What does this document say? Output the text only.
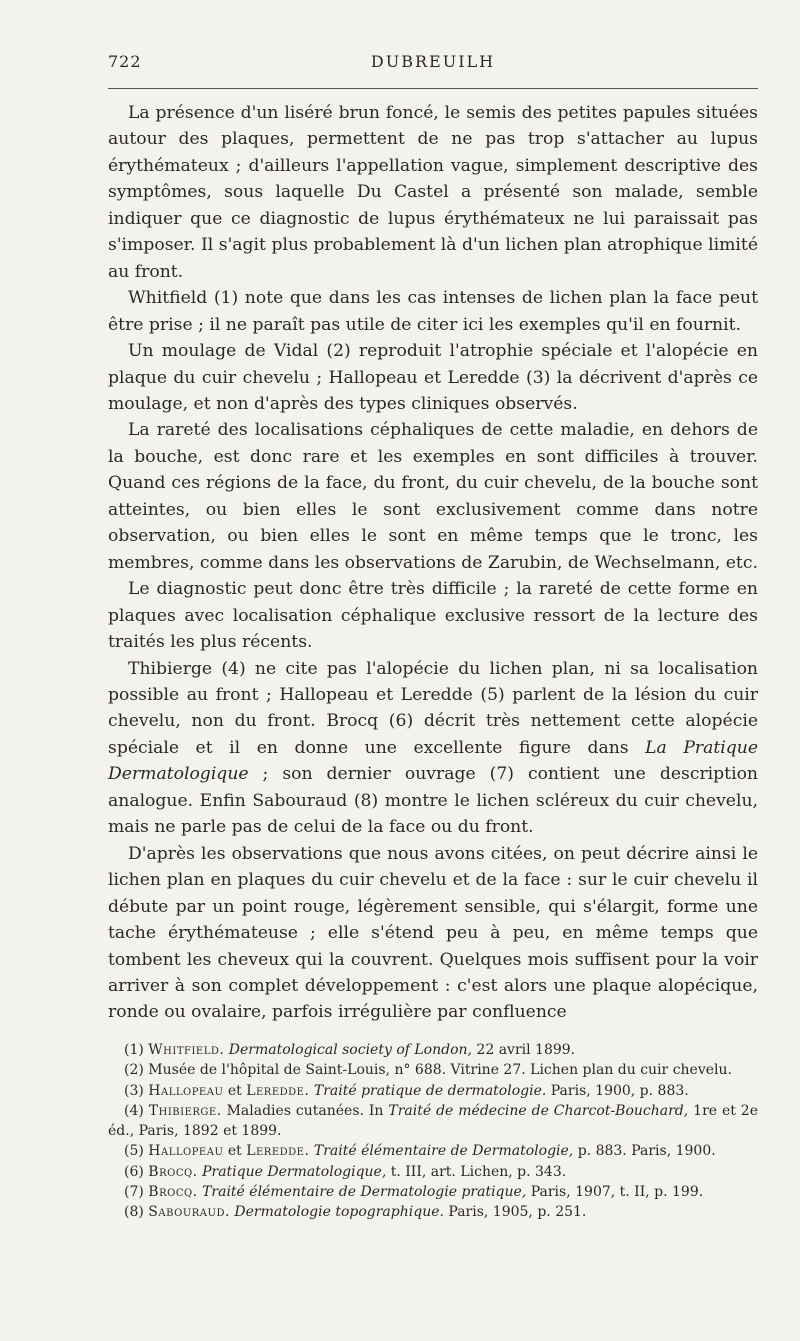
722	DUBREUILH

La présence d'un liséré brun foncé, le semis des petites papules situées autour des plaques, permettent de ne pas trop s'attacher au lupus érythémateux ; d'ailleurs l'appellation vague, simplement descriptive des symptômes, sous laquelle Du Castel a présenté son malade, semble indiquer que ce diagnostic de lupus érythémateux ne lui paraissait pas s'imposer. Il s'agit plus probablement là d'un lichen plan atrophique limité au front.

Whitfield (1) note que dans les cas intenses de lichen plan la face peut être prise ; il ne paraît pas utile de citer ici les exemples qu'il en fournit.

Un moulage de Vidal (2) reproduit l'atrophie spéciale et l'alopécie en plaque du cuir chevelu ; Hallopeau et Leredde (3) la décrivent d'après ce moulage, et non d'après des types cliniques observés.

La rareté des localisations céphaliques de cette maladie, en dehors de la bouche, est donc rare et les exemples en sont difficiles à trouver. Quand ces régions de la face, du front, du cuir chevelu, de la bouche sont atteintes, ou bien elles le sont exclusivement comme dans notre observation, ou bien elles le sont en même temps que le tronc, les membres, comme dans les observations de Zarubin, de Wechselmann, etc.

Le diagnostic peut donc être très difficile ; la rareté de cette forme en plaques avec localisation céphalique exclusive ressort de la lecture des traités les plus récents.

Thibierge (4) ne cite pas l'alopécie du lichen plan, ni sa localisation possible au front ; Hallopeau et Leredde (5) parlent de la lésion du cuir chevelu, non du front. Brocq (6) décrit très nettement cette alopécie spéciale et il en donne une excellente figure dans La Pratique Dermatologique ; son dernier ouvrage (7) contient une description analogue. Enfin Sabouraud (8) montre le lichen scléreux du cuir chevelu, mais ne parle pas de celui de la face ou du front.

D'après les observations que nous avons citées, on peut décrire ainsi le lichen plan en plaques du cuir chevelu et de la face : sur le cuir chevelu il débute par un point rouge, légèrement sensible, qui s'élargit, forme une tache érythémateuse ; elle s'étend peu à peu, en même temps que tombent les cheveux qui la couvrent. Quelques mois suffisent pour la voir arriver à son complet développement : c'est alors une plaque alopécique, ronde ou ovalaire, parfois irrégulière par confluence

(1) Whitfield. Dermatological society of London, 22 avril 1899.

(2) Musée de l'hôpital de Saint-Louis, n° 688. Vitrine 27. Lichen plan du cuir chevelu.

(3) Hallopeau et Leredde. Traité pratique de dermatologie. Paris, 1900, p. 883.

(4) Thibierge. Maladies cutanées. In Traité de médecine de Charcot-Bouchard, 1re et 2e éd., Paris, 1892 et 1899.

(5) Hallopeau et Leredde. Traité élémentaire de Dermatologie, p. 883. Paris, 1900.

(6) Brocq. Pratique Dermatologique, t. III, art. Lichen, p. 343.

(7) Brocq. Traité élémentaire de Dermatologie pratique, Paris, 1907, t. II, p. 199.

(8) Sabouraud. Dermatologie topographique. Paris, 1905, p. 251.
